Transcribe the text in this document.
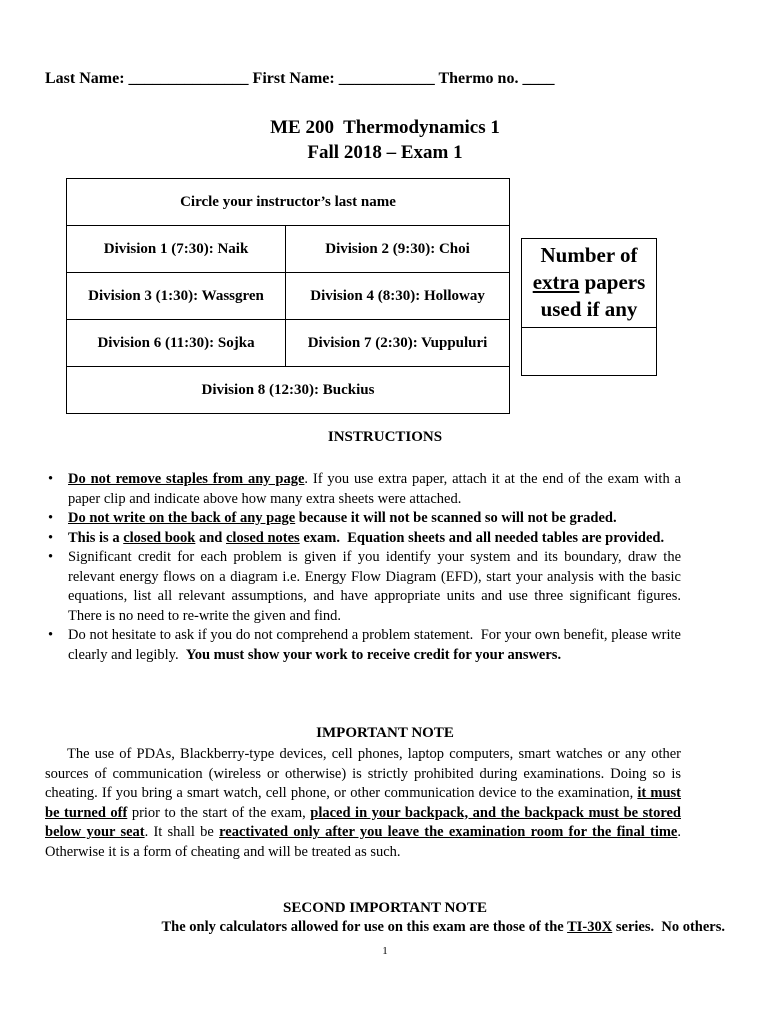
Last Name: _______________ First Name: ____________ Thermo no. ____
ME 200  Thermodynamics 1
Fall 2018 – Exam 1
Circle your instructor’s last name	
Division 1 (7:30): Naik	Division 2 (9:30): Choi
Division 3 (1:30): Wassgren	Division 4 (8:30): Holloway
Division 6 (11:30): Sojka	Division 7 (2:30): Vuppuluri
Division 8 (12:30): Buckius	
Number of
extra papers
used if any
INSTRUCTIONS
• Do not remove staples from any page. If you use extra paper, attach it at the end of the exam with a paper clip and indicate above how many extra sheets were attached.
• Do not write on the back of any page because it will not be scanned so will not be graded.
• This is a closed book and closed notes exam.  Equation sheets and all needed tables are provided.
• Significant credit for each problem is given if you identify your system and its boundary, draw the relevant energy flows on a diagram i.e. Energy Flow Diagram (EFD), start your analysis with the basic equations, list all relevant assumptions, and have appropriate units and use three significant figures. There is no need to re-write the given and find.
• Do not hesitate to ask if you do not comprehend a problem statement.  For your own benefit, please write clearly and legibly.  You must show your work to receive credit for your answers.
IMPORTANT NOTE
The use of PDAs, Blackberry-type devices, cell phones, laptop computers, smart watches or any other sources of communication (wireless or otherwise) is strictly prohibited during examinations. Doing so is cheating. If you bring a smart watch, cell phone, or other communication device to the examination, it must be turned off prior to the start of the exam, placed in your backpack, and the backpack must be stored below your seat. It shall be reactivated only after you leave the examination room for the final time. Otherwise it is a form of cheating and will be treated as such.
SECOND IMPORTANT NOTE
The only calculators allowed for use on this exam are those of the TI-30X series.  No others.
1
